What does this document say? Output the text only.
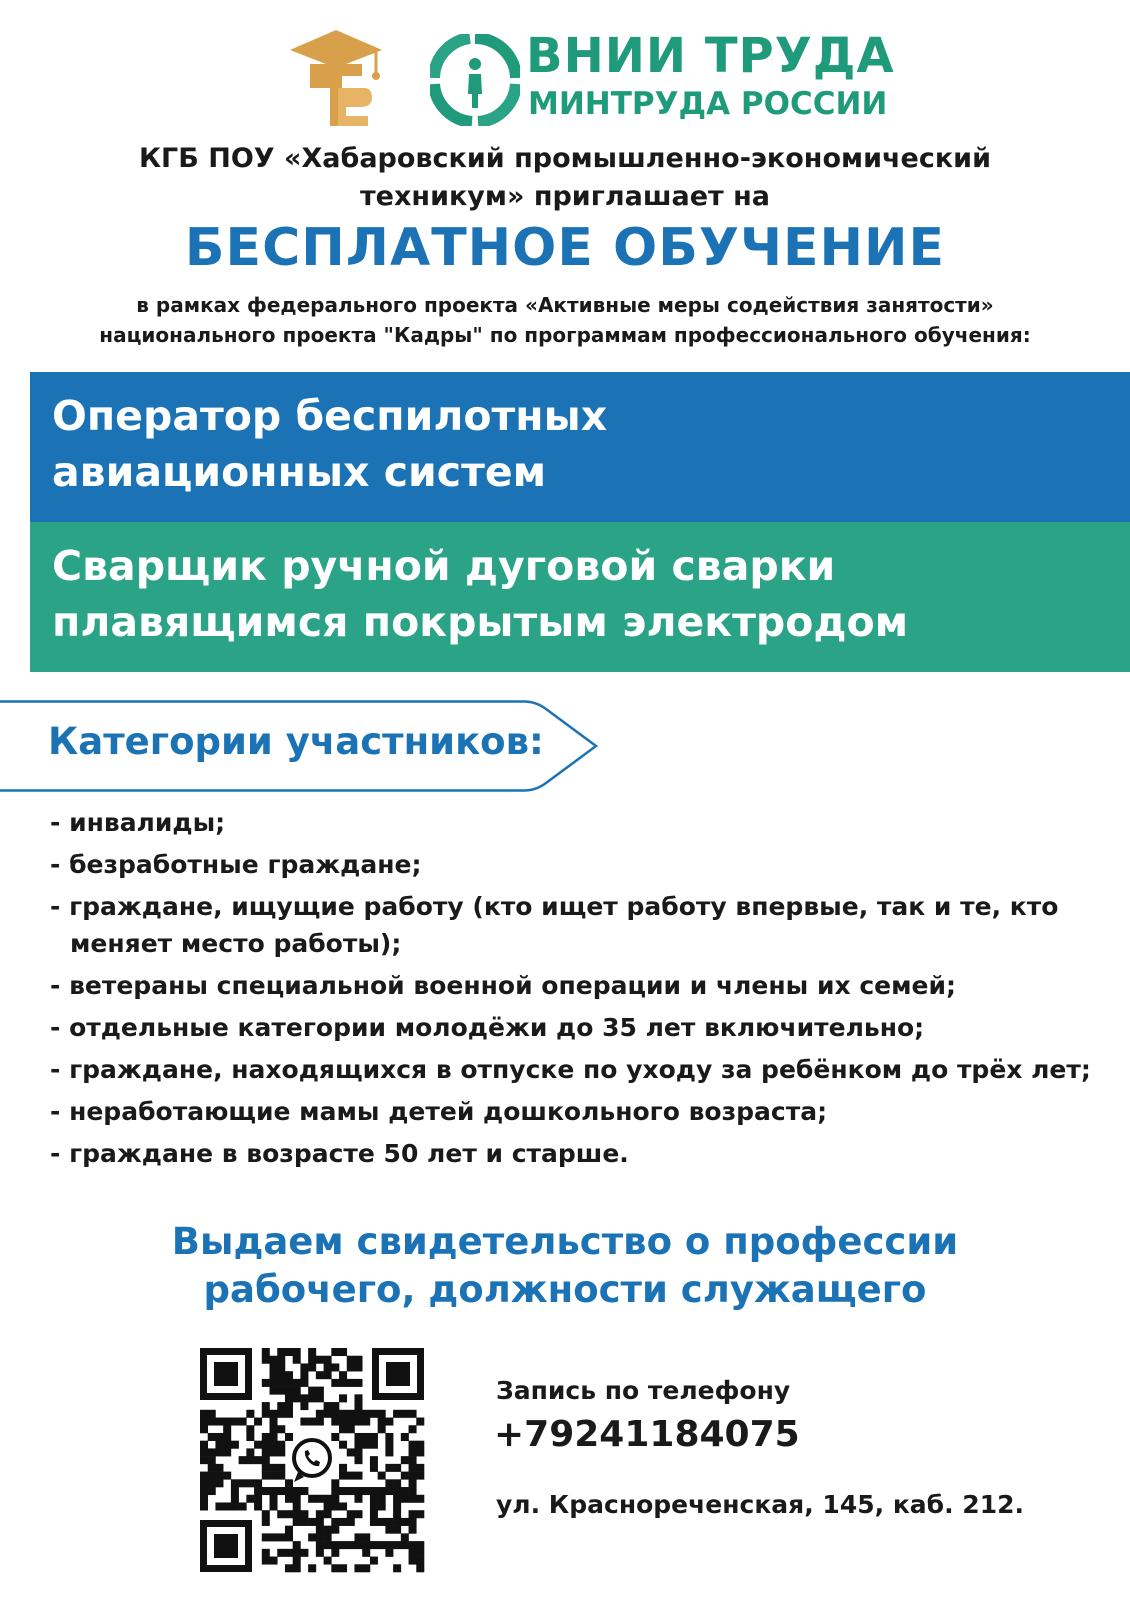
ВНИИ ТРУДА
МИНТРУДА РОССИИ
КГБ ПОУ «Хабаровский промышленно-экономический
техникум» приглашает на
БЕСПЛАТНОЕ ОБУЧЕНИЕ
в рамках федерального проекта «Активные меры содействия занятости»
национального проекта "Кадры" по программам профессионального обучения:
Оператор беспилотных
авиационных систем
Сварщик ручной дуговой сварки
плавящимся покрытым электродом
Категории участников:
- инвалиды;
- безработные граждане;
- граждане, ищущие работу (кто ищет работу впервые, так и те, кто меняет место работы);
- ветераны специальной военной операции и члены их семей;
- отдельные категории молодёжи до 35 лет включительно;
- граждане, находящихся в отпуске по уходу за ребёнком до трёх лет;
- неработающие мамы детей дошкольного возраста;
- граждане в возрасте 50 лет и старше.
Выдаем свидетельство о профессии
рабочего, должности служащего
Запись по телефону
+79241184075
ул. Краснореченская, 145, каб. 212.
